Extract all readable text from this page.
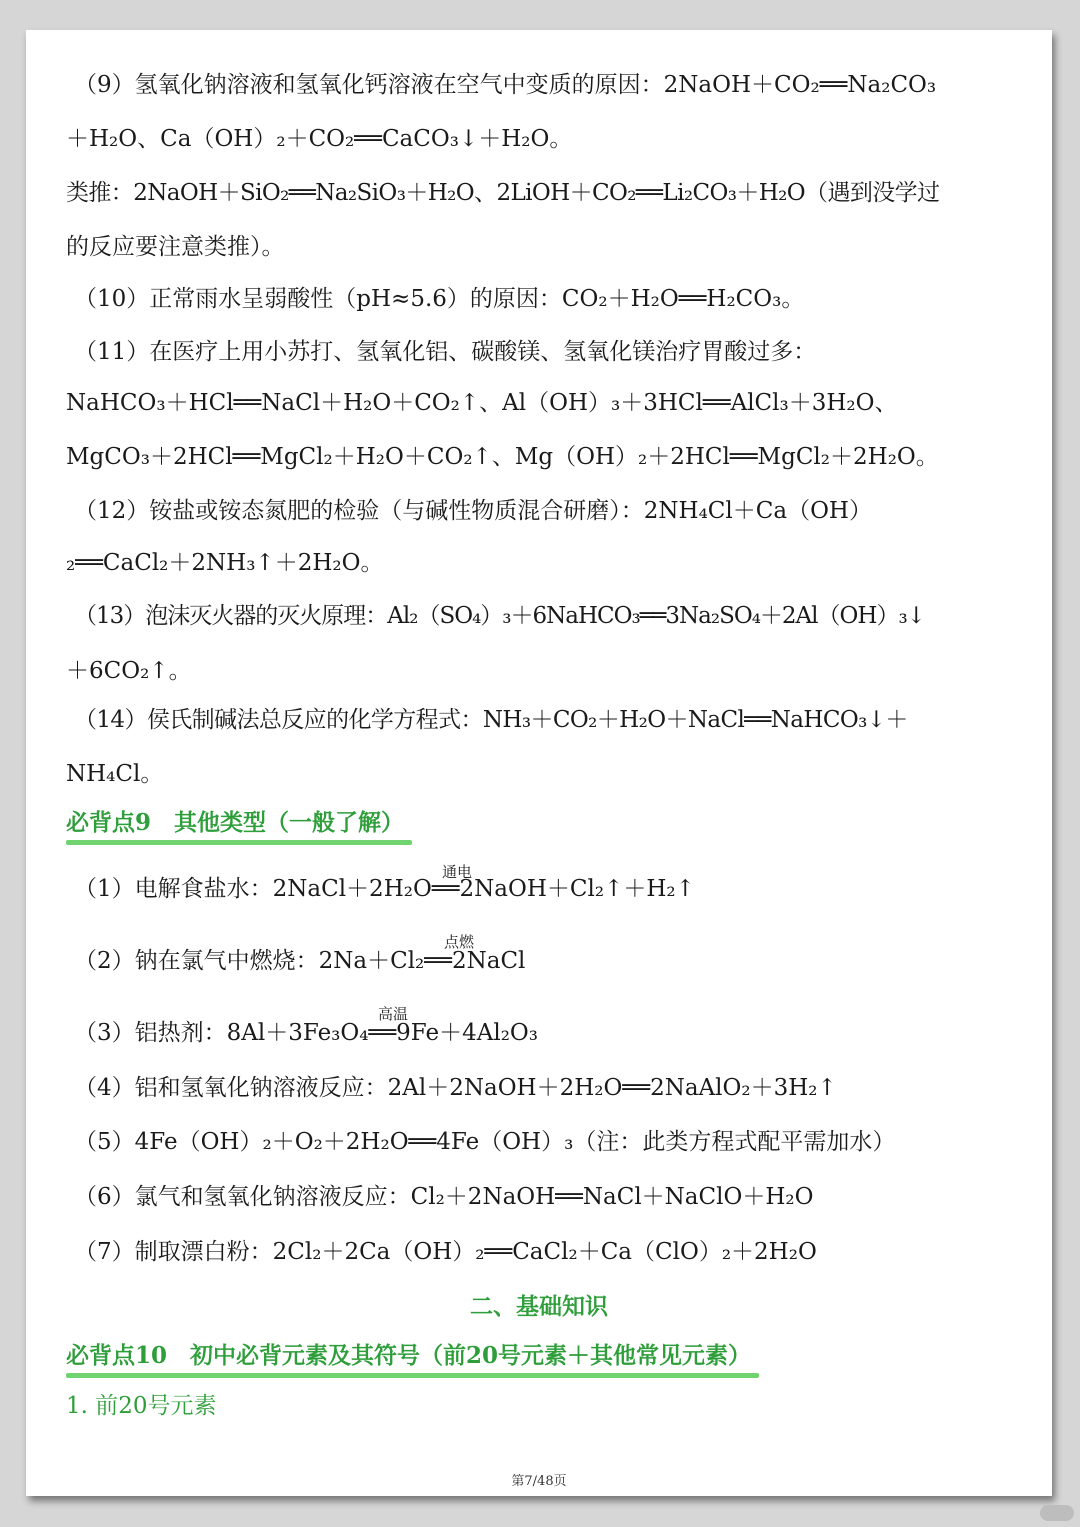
（9）氢氧化钠溶液和氢氧化钙溶液在空气中变质的原因：2NaOH＋CO₂══Na₂CO₃
＋H₂O、Ca（OH）₂＋CO₂══CaCO₃↓＋H₂O。
类推：2NaOH＋SiO₂══Na₂SiO₃＋H₂O、2LiOH＋CO₂══Li₂CO₃＋H₂O（遇到没学过
的反应要注意类推）。
（10）正常雨水呈弱酸性（pH≈5.6）的原因：CO₂＋H₂O══H₂CO₃。
（11）在医疗上用小苏打、氢氧化铝、碳酸镁、氢氧化镁治疗胃酸过多：
NaHCO₃＋HCl══NaCl＋H₂O＋CO₂↑、Al（OH）₃＋3HCl══AlCl₃＋3H₂O、
MgCO₃＋2HCl══MgCl₂＋H₂O＋CO₂↑、Mg（OH）₂＋2HCl══MgCl₂＋2H₂O。
（12）铵盐或铵态氮肥的检验（与碱性物质混合研磨）：2NH₄Cl＋Ca（OH）
₂══CaCl₂＋2NH₃↑＋2H₂O。
（13）泡沫灭火器的灭火原理：Al₂（SO₄）₃＋6NaHCO₃══3Na₂SO₄＋2Al（OH）₃↓
＋6CO₂↑。
（14）侯氏制碱法总反应的化学方程式：NH₃＋CO₂＋H₂O＋NaCl══NaHCO₃↓＋
NH₄Cl。
必背点9　其他类型（一般了解）
通电
（1）电解食盐水：2NaCl＋2H₂O══2NaOH＋Cl₂↑＋H₂↑
点燃
（2）钠在氯气中燃烧：2Na＋Cl₂══2NaCl
高温
（3）铝热剂：8Al＋3Fe₃O₄══9Fe＋4Al₂O₃
（4）铝和氢氧化钠溶液反应：2Al＋2NaOH＋2H₂O══2NaAlO₂＋3H₂↑
（5）4Fe（OH）₂＋O₂＋2H₂O══4Fe（OH）₃（注：此类方程式配平需加水）
（6）氯气和氢氧化钠溶液反应：Cl₂＋2NaOH══NaCl＋NaClO＋H₂O
（7）制取漂白粉：2Cl₂＋2Ca（OH）₂══CaCl₂＋Ca（ClO）₂＋2H₂O
二、基础知识
必背点10　初中必背元素及其符号（前20号元素＋其他常见元素）
1. 前20号元素
第7/48页
